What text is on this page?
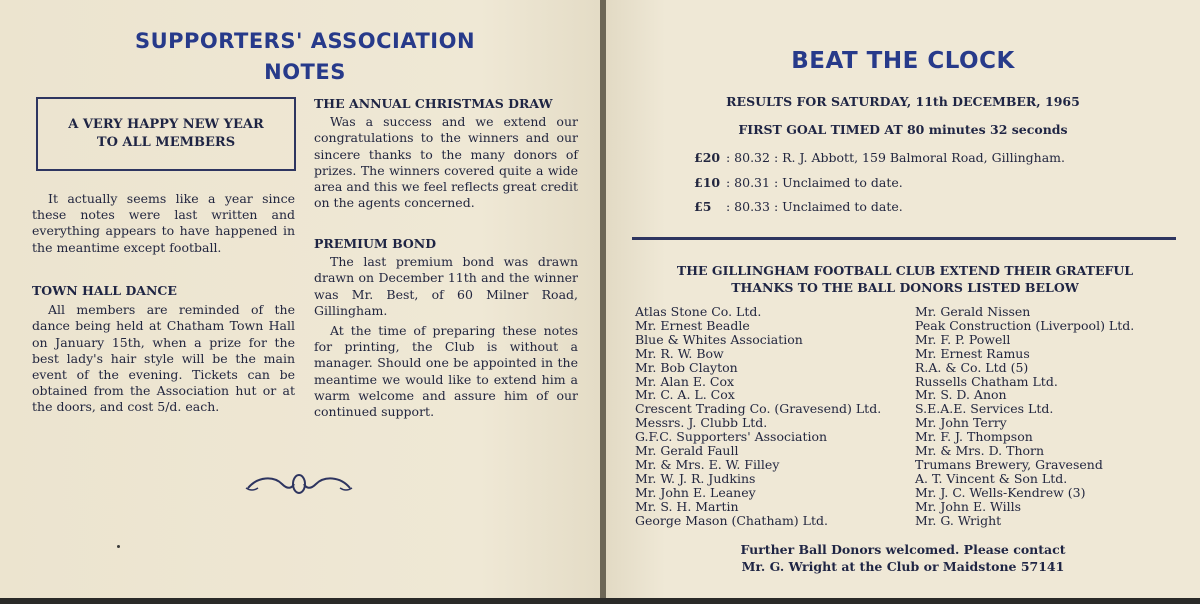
SUPPORTERS' ASSOCIATION
NOTES
A VERY HAPPY NEW YEAR
TO ALL MEMBERS

It actually seems like a year since these notes were last written and everything appears to have happened in the meantime except football.

TOWN HALL DANCE

All members are reminded of the dance being held at Chatham Town Hall on January 15th, when a prize for the best lady's hair style will be the main event of the evening. Tickets can be obtained from the Association hut or at the doors, and cost 5/d. each.

THE ANNUAL CHRISTMAS DRAW

Was a success and we extend our congratulations to the winners and our sincere thanks to the many donors of prizes. The winners covered quite a wide area and this we feel reflects great credit on the agents concerned.

PREMIUM BOND

The last premium bond was drawn drawn on December 11th and the winner was Mr. Best, of 60 Milner Road, Gillingham.

At the time of preparing these notes for printing, the Club is without a manager. Should one be appointed in the meantime we would like to extend him a warm welcome and assure him of our continued support.

BEAT THE CLOCK
RESULTS FOR SATURDAY, 11th DECEMBER, 1965
FIRST GOAL TIMED AT 80 minutes 32 seconds
£20 : 80.32 : R. J. Abbott, 159 Balmoral Road, Gillingham.
£10 : 80.31 : Unclaimed to date.
£5 : 80.33 : Unclaimed to date.
THE GILLINGHAM FOOTBALL CLUB EXTEND THEIR GRATEFUL
THANKS TO THE BALL DONORS LISTED BELOW
Atlas Stone Co. Ltd.
Mr. Ernest Beadle
Blue & Whites Association
Mr. R. W. Bow
Mr. Bob Clayton
Mr. Alan E. Cox
Mr. C. A. L. Cox
Crescent Trading Co. (Gravesend) Ltd.
Messrs. J. Clubb Ltd.
G.F.C. Supporters' Association
Mr. Gerald Faull
Mr. & Mrs. E. W. Filley
Mr. W. J. R. Judkins
Mr. John E. Leaney
Mr. S. H. Martin
George Mason (Chatham) Ltd.
Mr. Gerald Nissen
Peak Construction (Liverpool) Ltd.
Mr. F. P. Powell
Mr. Ernest Ramus
R.A. & Co. Ltd (5)
Russells Chatham Ltd.
Mr. S. D. Anon
S.E.A.E. Services Ltd.
Mr. John Terry
Mr. F. J. Thompson
Mr. & Mrs. D. Thorn
Trumans Brewery, Gravesend
A. T. Vincent & Son Ltd.
Mr. J. C. Wells-Kendrew (3)
Mr. John E. Wills
Mr. G. Wright
Further Ball Donors welcomed. Please contact
Mr. G. Wright at the Club or Maidstone 57141
